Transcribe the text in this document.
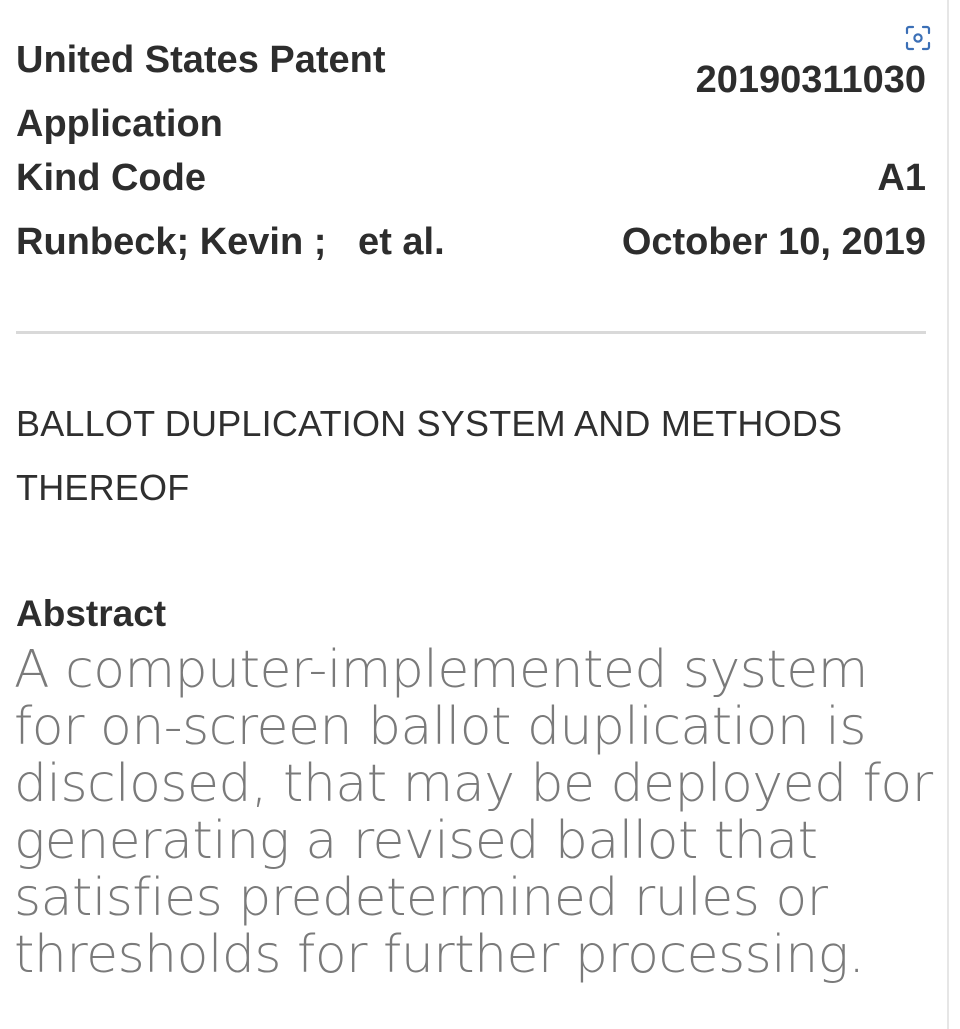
United States Patent Application
20190311030
Kind Code	A1
Runbeck; Kevin ;   et al.	October 10, 2019
BALLOT DUPLICATION SYSTEM AND METHODS THEREOF
Abstract
A computer-implemented system for on-screen ballot duplication is disclosed, that may be deployed for generating a revised ballot that satisfies predetermined rules or thresholds for further processing.
